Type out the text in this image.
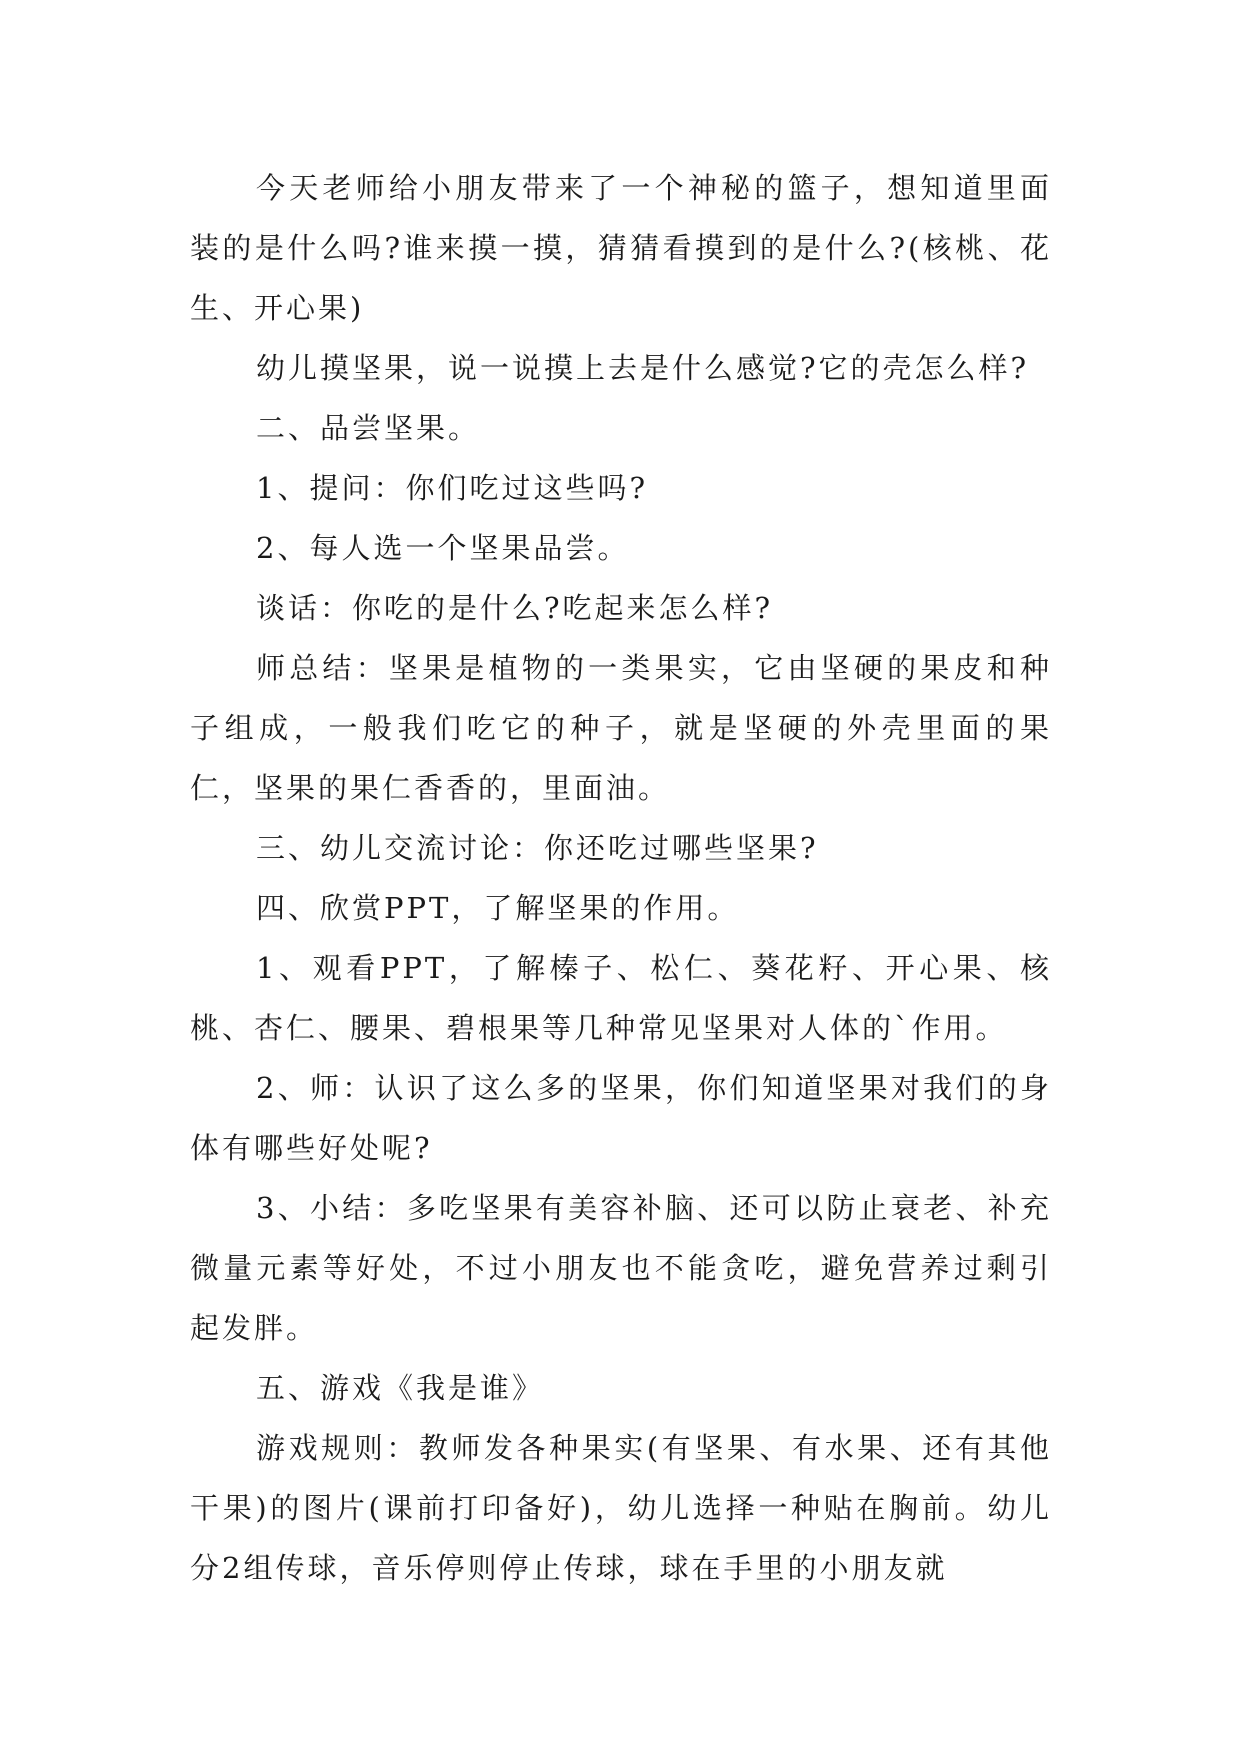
今天老师给小朋友带来了一个神秘的篮子，想知道里面装的是什么吗?谁来摸一摸，猜猜看摸到的是什么?(核桃、花生、开心果)

幼儿摸坚果，说一说摸上去是什么感觉?它的壳怎么样?

二、品尝坚果。

1、提问：你们吃过这些吗?

2、每人选一个坚果品尝。

谈话：你吃的是什么?吃起来怎么样?

师总结：坚果是植物的一类果实，它由坚硬的果皮和种子组成，一般我们吃它的种子，就是坚硬的外壳里面的果仁，坚果的果仁香香的，里面油。

三、幼儿交流讨论：你还吃过哪些坚果?

四、欣赏PPT，了解坚果的作用。

1、观看PPT，了解榛子、松仁、葵花籽、开心果、核桃、杏仁、腰果、碧根果等几种常见坚果对人体的`作用。

2、师：认识了这么多的坚果，你们知道坚果对我们的身体有哪些好处呢?

3、小结：多吃坚果有美容补脑、还可以防止衰老、补充微量元素等好处，不过小朋友也不能贪吃，避免营养过剩引起发胖。

五、游戏《我是谁》

游戏规则：教师发各种果实(有坚果、有水果、还有其他干果)的图片(课前打印备好)，幼儿选择一种贴在胸前。幼儿分2组传球，音乐停则停止传球，球在手里的小朋友就
